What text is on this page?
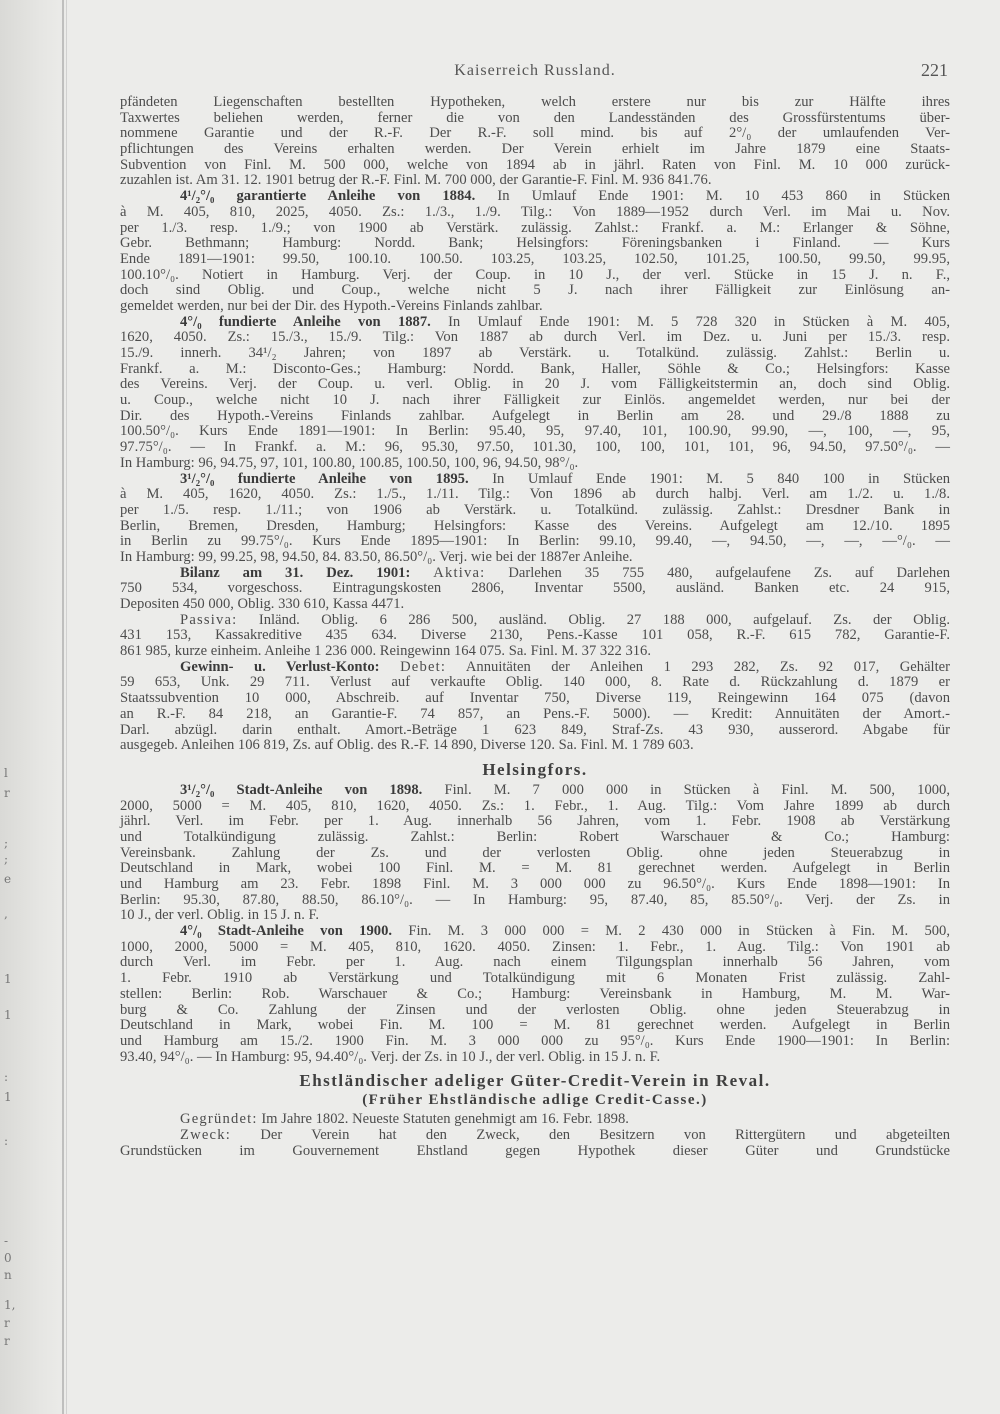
l
r
;
;
e
,
1
1
:
1
:
-
0
n
1,
r
r
Kaiserreich Russland.	221
pfändeten Liegenschaften bestellten Hypotheken, welch erstere nur bis zur Hälfte ihres
Taxwertes beliehen werden, ferner die von den Landesständen des Grossfürstentums über-
nommene Garantie und der R.-F. Der R.-F. soll mind. bis auf 2°/₀ der umlaufenden Ver-
pflichtungen des Vereins erhalten werden. Der Verein erhielt im Jahre 1879 eine Staats-
Subvention von Finl. M. 500 000, welche von 1894 ab in jährl. Raten von Finl. M. 10 000 zurück-
zuzahlen ist. Am 31. 12. 1901 betrug der R.-F. Finl. M. 700 000, der Garantie-F. Finl. M. 936 841.76.
4¹/₂°/₀ garantierte Anleihe von 1884. In Umlauf Ende 1901: M. 10 453 860 in Stücken
à M. 405, 810, 2025, 4050. Zs.: 1./3., 1./9. Tilg.: Von 1889—1952 durch Verl. im Mai u. Nov.
per 1./3. resp. 1./9.; von 1900 ab Verstärk. zulässig. Zahlst.: Frankf. a. M.: Erlanger & Söhne,
Gebr. Bethmann; Hamburg: Nordd. Bank; Helsingfors: Föreningsbanken i Finland. — Kurs
Ende 1891—1901: 99.50, 100.10. 100.50. 103.25, 103.25, 102.50, 101.25, 100.50, 99.50, 99.95,
100.10°/₀. Notiert in Hamburg. Verj. der Coup. in 10 J., der verl. Stücke in 15 J. n. F.,
doch sind Oblig. und Coup., welche nicht 5 J. nach ihrer Fälligkeit zur Einlösung an-
gemeldet werden, nur bei der Dir. des Hypoth.-Vereins Finlands zahlbar.
4°/₀ fundierte Anleihe von 1887. In Umlauf Ende 1901: M. 5 728 320 in Stücken à M. 405,
1620, 4050. Zs.: 15./3., 15./9. Tilg.: Von 1887 ab durch Verl. im Dez. u. Juni per 15./3. resp.
15./9. innerh. 34¹/₂ Jahren; von 1897 ab Verstärk. u. Totalkünd. zulässig. Zahlst.: Berlin u.
Frankf. a. M.: Disconto-Ges.; Hamburg: Nordd. Bank, Haller, Söhle & Co.; Helsingfors: Kasse
des Vereins. Verj. der Coup. u. verl. Oblig. in 20 J. vom Fälligkeitstermin an, doch sind Oblig.
u. Coup., welche nicht 10 J. nach ihrer Fälligkeit zur Einlös. angemeldet werden, nur bei der
Dir. des Hypoth.-Vereins Finlands zahlbar. Aufgelegt in Berlin am 28. und 29./8 1888 zu
100.50°/₀. Kurs Ende 1891—1901: In Berlin: 95.40, 95, 97.40, 101, 100.90, 99.90, —, 100, —, 95,
97.75°/₀. — In Frankf. a. M.: 96, 95.30, 97.50, 101.30, 100, 100, 101, 101, 96, 94.50, 97.50°/₀. —
In Hamburg: 96, 94.75, 97, 101, 100.80, 100.85, 100.50, 100, 96, 94.50, 98°/₀.
3¹/₂°/₀ fundierte Anleihe von 1895. In Umlauf Ende 1901: M. 5 840 100 in Stücken
à M. 405, 1620, 4050. Zs.: 1./5., 1./11. Tilg.: Von 1896 ab durch halbj. Verl. am 1./2. u. 1./8.
per 1./5. resp. 1./11.; von 1906 ab Verstärk. u. Totalkünd. zulässig. Zahlst.: Dresdner Bank in
Berlin, Bremen, Dresden, Hamburg; Helsingfors: Kasse des Vereins. Aufgelegt am 12./10. 1895
in Berlin zu 99.75°/₀. Kurs Ende 1895—1901: In Berlin: 99.10, 99.40, —, 94.50, —, —, —°/₀. —
In Hamburg: 99, 99.25, 98, 94.50, 84. 83.50, 86.50°/₀. Verj. wie bei der 1887er Anleihe.
Bilanz am 31. Dez. 1901: Aktiva: Darlehen 35 755 480, aufgelaufene Zs. auf Darlehen
750 534, vorgeschoss. Eintragungskosten 2806, Inventar 5500, ausländ. Banken etc. 24 915,
Depositen 450 000, Oblig. 330 610, Kassa 4471.
Passiva: Inländ. Oblig. 6 286 500, ausländ. Oblig. 27 188 000, aufgelauf. Zs. der Oblig.
431 153, Kassakreditive 435 634. Diverse 2130, Pens.-Kasse 101 058, R.-F. 615 782, Garantie-F.
861 985, kurze einheim. Anleihe 1 236 000. Reingewinn 164 075. Sa. Finl. M. 37 322 316.
Gewinn- u. Verlust-Konto: Debet: Annuitäten der Anleihen 1 293 282, Zs. 92 017, Gehälter
59 653, Unk. 29 711. Verlust auf verkaufte Oblig. 140 000, 8. Rate d. Rückzahlung d. 1879 er
Staatssubvention 10 000, Abschreib. auf Inventar 750, Diverse 119, Reingewinn 164 075 (davon
an R.-F. 84 218, an Garantie-F. 74 857, an Pens.-F. 5000). — Kredit: Annuitäten der Amort.-
Darl. abzügl. darin enthalt. Amort.-Beträge 1 623 849, Straf-Zs. 43 930, ausserord. Abgabe für
ausgegeb. Anleihen 106 819, Zs. auf Oblig. des R.-F. 14 890, Diverse 120. Sa. Finl. M. 1 789 603.
Helsingfors.
3¹/₂°/₀ Stadt-Anleihe von 1898. Finl. M. 7 000 000 in Stücken à Finl. M. 500, 1000,
2000, 5000 = M. 405, 810, 1620, 4050. Zs.: 1. Febr., 1. Aug. Tilg.: Vom Jahre 1899 ab durch
jährl. Verl. im Febr. per 1. Aug. innerhalb 56 Jahren, vom 1. Febr. 1908 ab Verstärkung
und Totalkündigung zulässig. Zahlst.: Berlin: Robert Warschauer & Co.; Hamburg:
Vereinsbank. Zahlung der Zs. und der verlosten Oblig. ohne jeden Steuerabzug in
Deutschland in Mark, wobei 100 Finl. M. = M. 81 gerechnet werden. Aufgelegt in Berlin
und Hamburg am 23. Febr. 1898 Finl. M. 3 000 000 zu 96.50°/₀. Kurs Ende 1898—1901: In
Berlin: 95.30, 87.80, 88.50, 86.10°/₀. — In Hamburg: 95, 87.40, 85, 85.50°/₀. Verj. der Zs. in
10 J., der verl. Oblig. in 15 J. n. F.
4°/₀ Stadt-Anleihe von 1900. Fin. M. 3 000 000 = M. 2 430 000 in Stücken à Fin. M. 500,
1000, 2000, 5000 = M. 405, 810, 1620. 4050. Zinsen: 1. Febr., 1. Aug. Tilg.: Von 1901 ab
durch Verl. im Febr. per 1. Aug. nach einem Tilgungsplan innerhalb 56 Jahren, vom
1. Febr. 1910 ab Verstärkung und Totalkündigung mit 6 Monaten Frist zulässig. Zahl-
stellen: Berlin: Rob. Warschauer & Co.; Hamburg: Vereinsbank in Hamburg, M. M. War-
burg & Co. Zahlung der Zinsen und der verlosten Oblig. ohne jeden Steuerabzug in
Deutschland in Mark, wobei Fin. M. 100 = M. 81 gerechnet werden. Aufgelegt in Berlin
und Hamburg am 15./2. 1900 Fin. M. 3 000 000 zu 95°/₀. Kurs Ende 1900—1901: In Berlin:
93.40, 94°/₀. — In Hamburg: 95, 94.40°/₀. Verj. der Zs. in 10 J., der verl. Oblig. in 15 J. n. F.
Ehstländischer adeliger Güter-Credit-Verein in Reval.
(Früher Ehstländische adlige Credit-Casse.)
Gegründet: Im Jahre 1802. Neueste Statuten genehmigt am 16. Febr. 1898.
Zweck: Der Verein hat den Zweck, den Besitzern von Rittergütern und abgeteilten
Grundstücken im Gouvernement Ehstland gegen Hypothek dieser Güter und Grundstücke
